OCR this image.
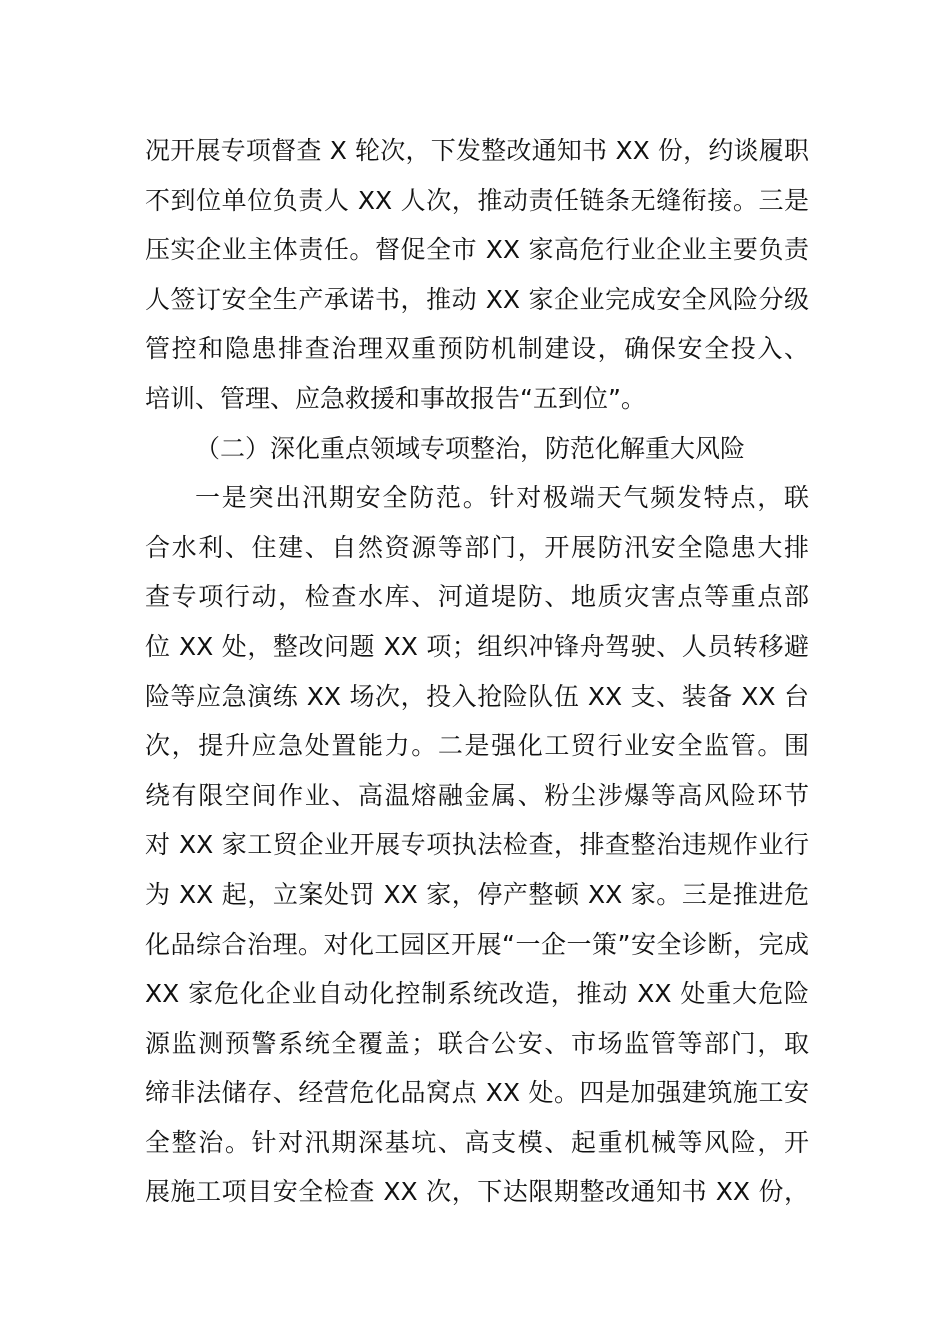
况开展专项督查 X 轮次，下发整改通知书 XX 份，约谈履职
不到位单位负责人 XX 人次，推动责任链条无缝衔接。三是
压实企业主体责任。督促全市 XX 家高危行业企业主要负责
人签订安全生产承诺书，推动 XX 家企业完成安全风险分级
管控和隐患排查治理双重预防机制建设，确保安全投入、
培训、管理、应急救援和事故报告“五到位”。
（二）深化重点领域专项整治，防范化解重大风险
一是突出汛期安全防范。针对极端天气频发特点，联
合水利、住建、自然资源等部门，开展防汛安全隐患大排
查专项行动，检查水库、河道堤防、地质灾害点等重点部
位 XX 处，整改问题 XX 项；组织冲锋舟驾驶、人员转移避
险等应急演练 XX 场次，投入抢险队伍 XX 支、装备 XX 台
次，提升应急处置能力。二是强化工贸行业安全监管。围
绕有限空间作业、高温熔融金属、粉尘涉爆等高风险环节
对 XX 家工贸企业开展专项执法检查，排查整治违规作业行
为 XX 起，立案处罚 XX 家，停产整顿 XX 家。三是推进危
化品综合治理。对化工园区开展“一企一策”安全诊断，完成
XX 家危化企业自动化控制系统改造，推动 XX 处重大危险
源监测预警系统全覆盖；联合公安、市场监管等部门，取
缔非法储存、经营危化品窝点 XX 处。四是加强建筑施工安
全整治。针对汛期深基坑、高支模、起重机械等风险，开
展施工项目安全检查 XX 次，下达限期整改通知书 XX 份，
